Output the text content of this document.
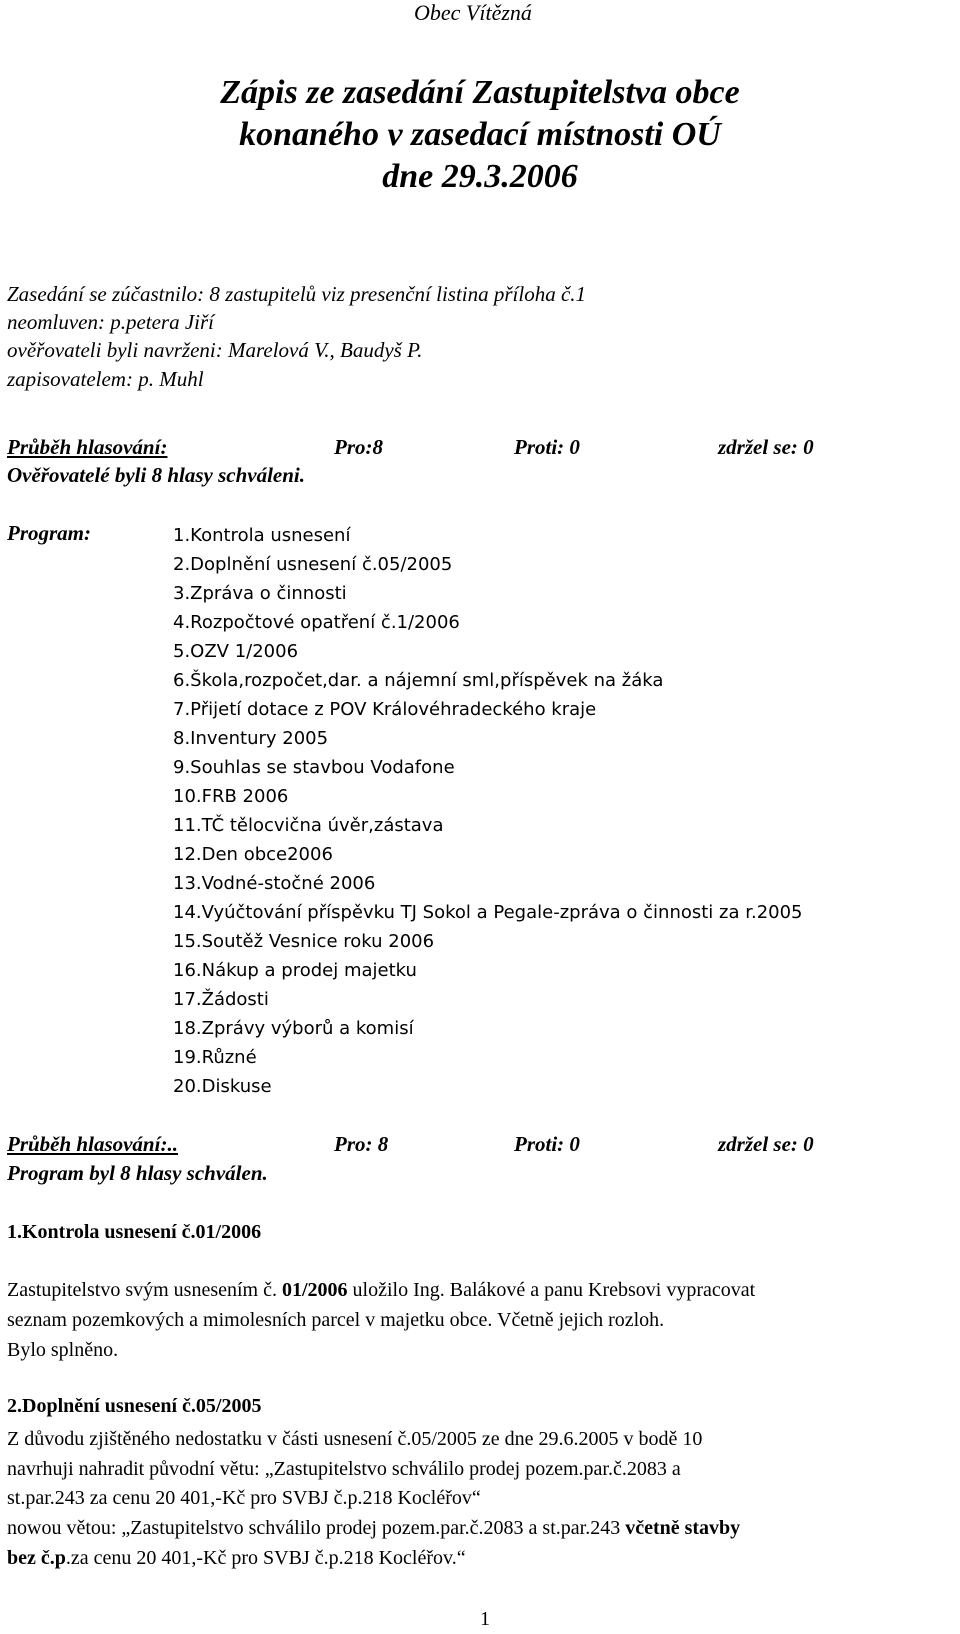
Obec Vítězná
Zápis ze zasedání Zastupitelstva obce
konaného v zasedací místnosti OÚ
dne 29.3.2006
Zasedání se zúčastnilo: 8 zastupitelů viz presenční listina příloha č.1
neomluven: p.petera Jiří
ověřovateli byli navrženi: Marelová V., Baudyš P.
zapisovatelem: p. Muhl
Průběh hlasování:	Pro:8	Proti: 0	zdržel se: 0
Ověřovatelé byli 8 hlasy schváleni.
Program:	1.Kontrola usnesení
2.Doplnění usnesení č.05/2005
3.Zpráva o činnosti
4.Rozpočtové opatření č.1/2006
5.OZV 1/2006
6.Škola,rozpočet,dar. a nájemní sml,příspěvek na žáka
7.Přijetí dotace z POV Královéhradeckého kraje
8.Inventury 2005
9.Souhlas se stavbou Vodafone
10.FRB 2006
11.TČ tělocvična úvěr,zástava
12.Den obce2006
13.Vodné-stočné 2006
14.Vyúčtování příspěvku TJ Sokol a Pegale-zpráva o činnosti za r.2005
15.Soutěž Vesnice roku 2006
16.Nákup a prodej majetku
17.Žádosti
18.Zprávy výborů a komisí
19.Různé
20.Diskuse
Průběh hlasování:..	Pro: 8	Proti: 0	zdržel se: 0
Program byl 8 hlasy schválen.
1.Kontrola usnesení č.01/2006
Zastupitelstvo svým usnesením č. 01/2006 uložilo Ing. Balákové a panu Krebsovi vypracovat
seznam pozemkových a mimolesních parcel v majetku obce. Včetně jejich rozloh.
Bylo splněno.
2.Doplnění usnesení č.05/2005
Z důvodu zjištěného nedostatku v části usnesení č.05/2005 ze dne 29.6.2005 v bodě 10
navrhuji nahradit původní větu: „Zastupitelstvo schválilo prodej pozem.par.č.2083 a
st.par.243 za cenu 20 401,-Kč pro SVBJ č.p.218 Kocléřov“
nowou větou: „Zastupitelstvo schválilo prodej pozem.par.č.2083 a st.par.243 včetně stavby
bez č.p.za cenu 20 401,-Kč pro SVBJ č.p.218 Kocléřov.“
1
